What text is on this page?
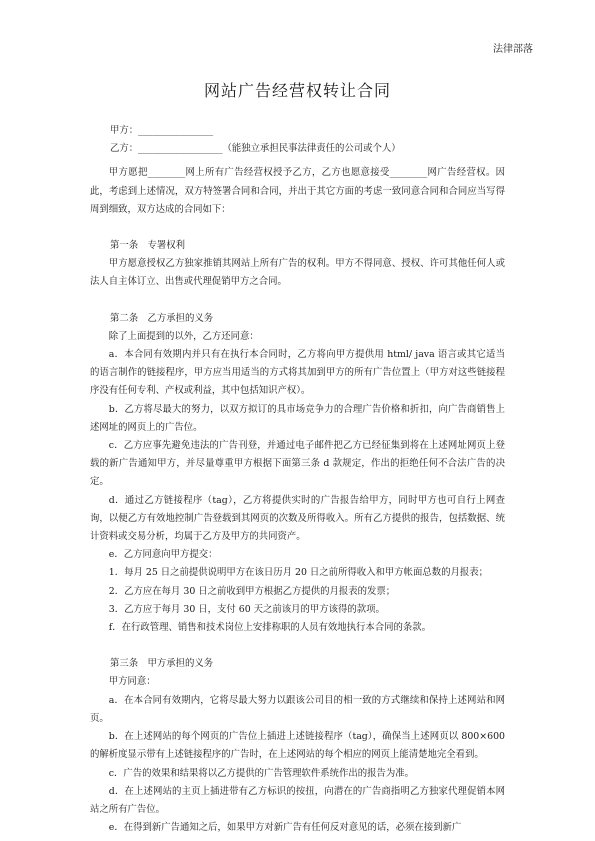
法律部落
网站广告经营权转让合同

甲方：________________

乙方：__________________（能独立承担民事法律责任的公司或个人）

甲方愿把________网上所有广告经营权授予乙方，乙方也愿意接受________网广告经营权。因此，考虑到上述情况，双方特签署合同和合同，并出于其它方面的考虑一致同意合同和合同应当写得周到细致，双方达成的合同如下：

第一条　专署权利

甲方愿意授权乙方独家推销其网站上所有广告的权利。甲方不得同意、授权、许可其他任何人或法人自主体订立、出售或代理促销甲方之合同。

第二条　乙方承担的义务

除了上面提到的以外，乙方还同意：

a．本合同有效期内并只有在执行本合同时，乙方将向甲方提供用 html/ java 语言或其它适当的语言制作的链接程序，甲方应当用适当的方式将其加到甲方的所有广告位置上（甲方对这些链接程序没有任何专利、产权或利益，其中包括知识产权）。

b．乙方将尽最大的努力，以双方拟订的具市场竞争力的合理广告价格和折扣，向广告商销售上述网址的网页上的广告位。

c．乙方应事先避免违法的广告刊登，并通过电子邮件把乙方已经征集到将在上述网址网页上登载的新广告通知甲方，并尽量尊重甲方根据下面第三条 d 款规定，作出的拒绝任何不合法广告的决定。

d．通过乙方链接程序（tag），乙方将提供实时的广告报告给甲方，同时甲方也可自行上网查询，以便乙方有效地控制广告登载到其网页的次数及所得收入。所有乙方提供的报告，包括数据、统计资料或交易分析，均属于乙方及甲方的共同资产。

e．乙方同意向甲方提交：

1．每月 25 日之前提供说明甲方在该日历月 20 日之前所得收入和甲方帐面总数的月报表；

2．乙方应在每月 30 日之前收到甲方根据乙方提供的月报表的发票；

3．乙方应于每月 30 日，支付 60 天之前该月的甲方该得的款项。

f．在行政管理、销售和技术岗位上安排称职的人员有效地执行本合同的条款。

第三条　甲方承担的义务

甲方同意：

a．在本合同有效期内，它将尽最大努力以跟该公司目的相一致的方式继续和保持上述网站和网页。

b．在上述网站的每个网页的广告位上插进上述链接程序（tag），确保当上述网页以 800×600 的解析度显示带有上述链接程序的广告时，在上述网站的每个相应的网页上能清楚地完全看到。

c．广告的效果和结果将以乙方提供的广告管理软件系统作出的报告为准。

d．在上述网站的主页上插进带有乙方标识的按扭，向潜在的广告商指明乙方独家代理促销本网站之所有广告位。

e．在得到新广告通知之后，如果甲方对新广告有任何反对意见的话，必须在接到新广
